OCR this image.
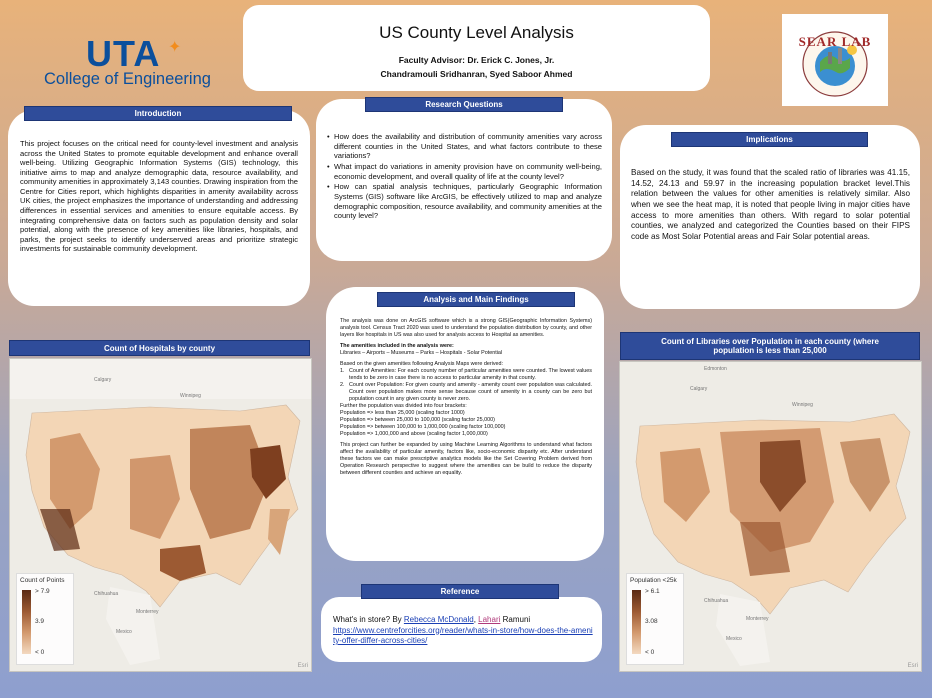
UTA ✦
College of Engineering
US County Level Analysis
Faculty Advisor: Dr. Erick C. Jones, Jr.
Chandramouli Sridhanran, Syed Saboor Ahmed
SEAR LAB
This project focuses on the critical need for county-level investment and analysis across the United States to promote equitable development and enhance overall well-being. Utilizing Geographic Information Systems (GIS) technology, this initiative aims to map and analyze demographic data, resource availability, and community amenities in approximately 3,143 counties. Drawing inspiration from the Centre for Cities report, which highlights disparities in amenity availability across UK cities, the project emphasizes the importance of understanding and addressing differences in essential services and amenities to ensure equitable access. By integrating comprehensive data on factors such as population density and solar potential, along with the presence of key amenities like libraries, hospitals, and parks, the project seeks to identify underserved areas and prioritize strategic investments for sustainable community development.
Introduction
• How does the availability and distribution of community amenities vary across different counties in the United States, and what factors contribute to these variations?
• What impact do variations in amenity provision have on community well-being, economic development, and overall quality of life at the county level?
• How can spatial analysis techniques, particularly Geographic Information Systems (GIS) software like ArcGIS, be effectively utilized to map and analyze demographic composition, resource availability, and community amenities at the county level?
Research Questions
Based on the study, it was found that the scaled ratio of libraries was 41.15, 14.52, 24.13 and 59.97 in the increasing population bracket level.This relation between the values for other amenities is relatively similar. Also when we see the heat map, it is noted that people living in major cities have access to more amenities than others. With regard to solar potential counties, we analyzed and categorized the Counties based on their FIPS code as Most Solar Potential areas and Fair Solar potential areas.
Implications
The analysis was done on ArcGIS software which is a strong GIS(Geographic Information Systems) analysis tool. Census Tract 2020 was used to understand the population distribution by county, and other layers like hospitals in US was also used for analysis access to Hospital as amenities.
The amenities included in the analysis were:
Libraries – Airports – Museums – Parks – Hospitals - Solar Potential
Based on the given amenities following Analysis Maps were derived:
1. Count of Amenities: For each county number of particular amenities were counted. The lowest values tends to be zero in case there is no access to particular amenity in that county.
2. Count over Population: For given county and amenity - amenity count over population was calculated. Count over population makes more sense because count of amenity in a county can be zero but population count in any given county is never zero.
Further the population was divided into four brackets:
Population => less than 25,000 (scaling factor 1000)
Population => between 25,000 to 100,000 (scaling factor 25,000)
Population => between 100,000 to 1,000,000 (scaling factor 100,000)
Population => 1,000,000 and above (scaling factor 1,000,000)
This project can further be expanded by using Machine Learning Algorithms to understand what factors affect the availability of particular amenity, factors like, socio-economic disparity etc. After understand these factors we can make prescriptive analytics models like the Set Covering Problem derived from Operation Research perspective to suggest where the amenities can be build to reduce the disparity between different counties and achieve an equality.
Analysis and Main Findings
Count of Hospitals by county
Calgary
Winnipeg
Chihuahua
Monterrey
Mexico
Count of Points
> 7.9
3.9
< 0
Esri
Count of Libraries over Population in each county (where population is less than 25,000
Edmonton
Calgary
Winnipeg
Chihuahua
Monterrey
Mexico
Population <25k
> 6.1
3.08
< 0
Esri
What's in store? By Rebecca McDonald, Lahari Ramuni
https://www.centreforcities.org/reader/whats-in-store/how-does-the-amenity-offer-differ-across-cities/
Reference
